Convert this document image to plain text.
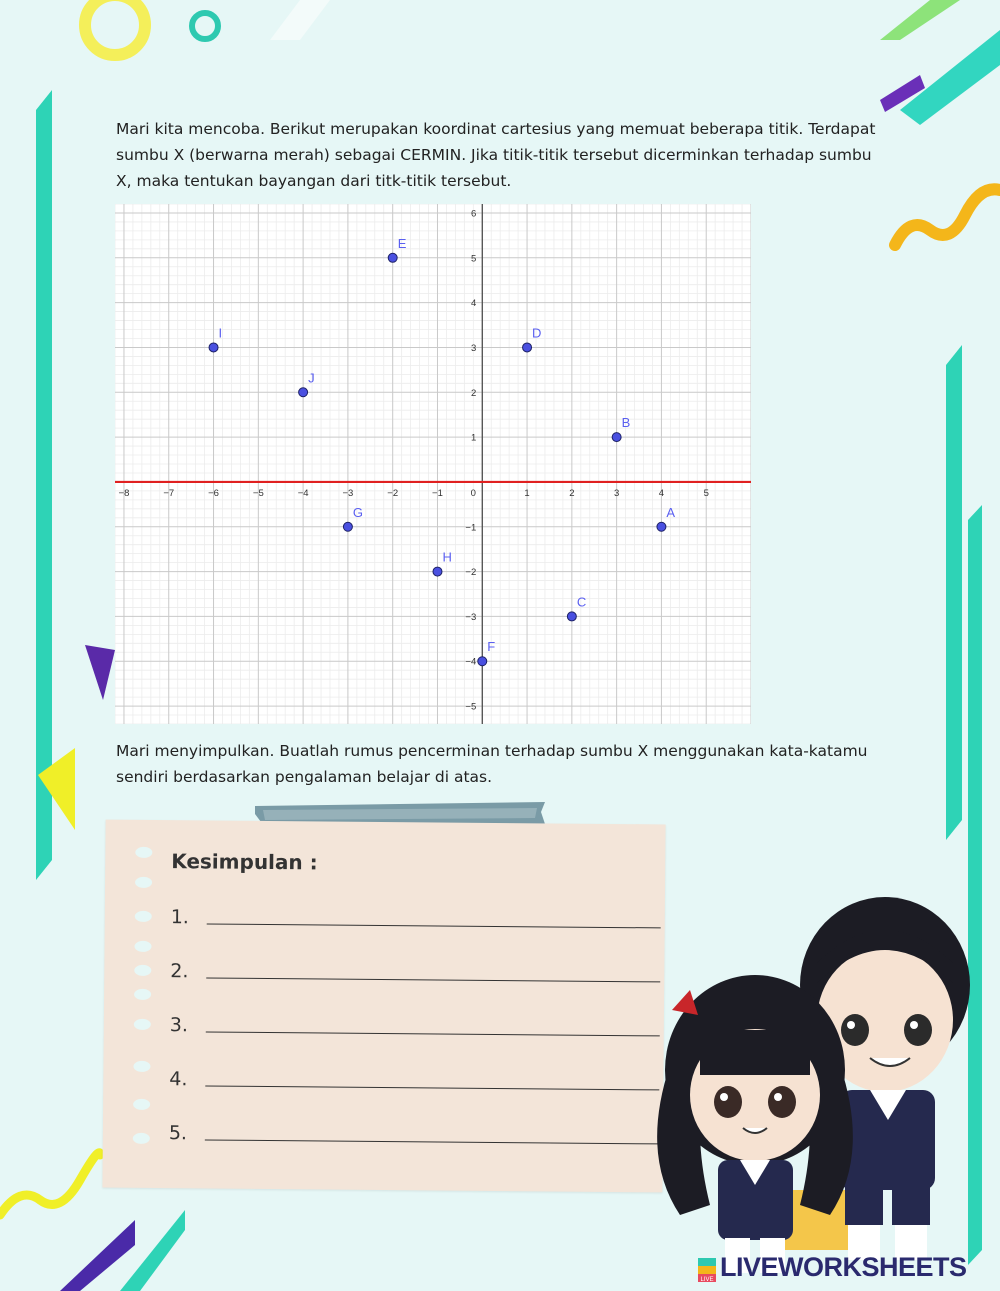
Mari kita mencoba. Berikut merupakan koordinat cartesius yang memuat beberapa titik. Terdapat sumbu X (berwarna merah) sebagai CERMIN. Jika titik-titik tersebut dicerminkan terhadap sumbu X, maka tentukan bayangan dari titk-titik tersebut.
−8	−7	−6	−5	−4	−3	−2	−1	0	1	2	3	4	5
−5
−4
−3
−2
−1
1
2
3
4
5
6
A
B
C
D
E
F
G
H
I
J
Mari menyimpulkan. Buatlah rumus pencerminan terhadap sumbu X menggunakan kata-katamu sendiri berdasarkan pengalaman belajar di atas.
Kesimpulan :
1.
2.
3.
4.
5.
LIVE LIVEWORKSHEETS
